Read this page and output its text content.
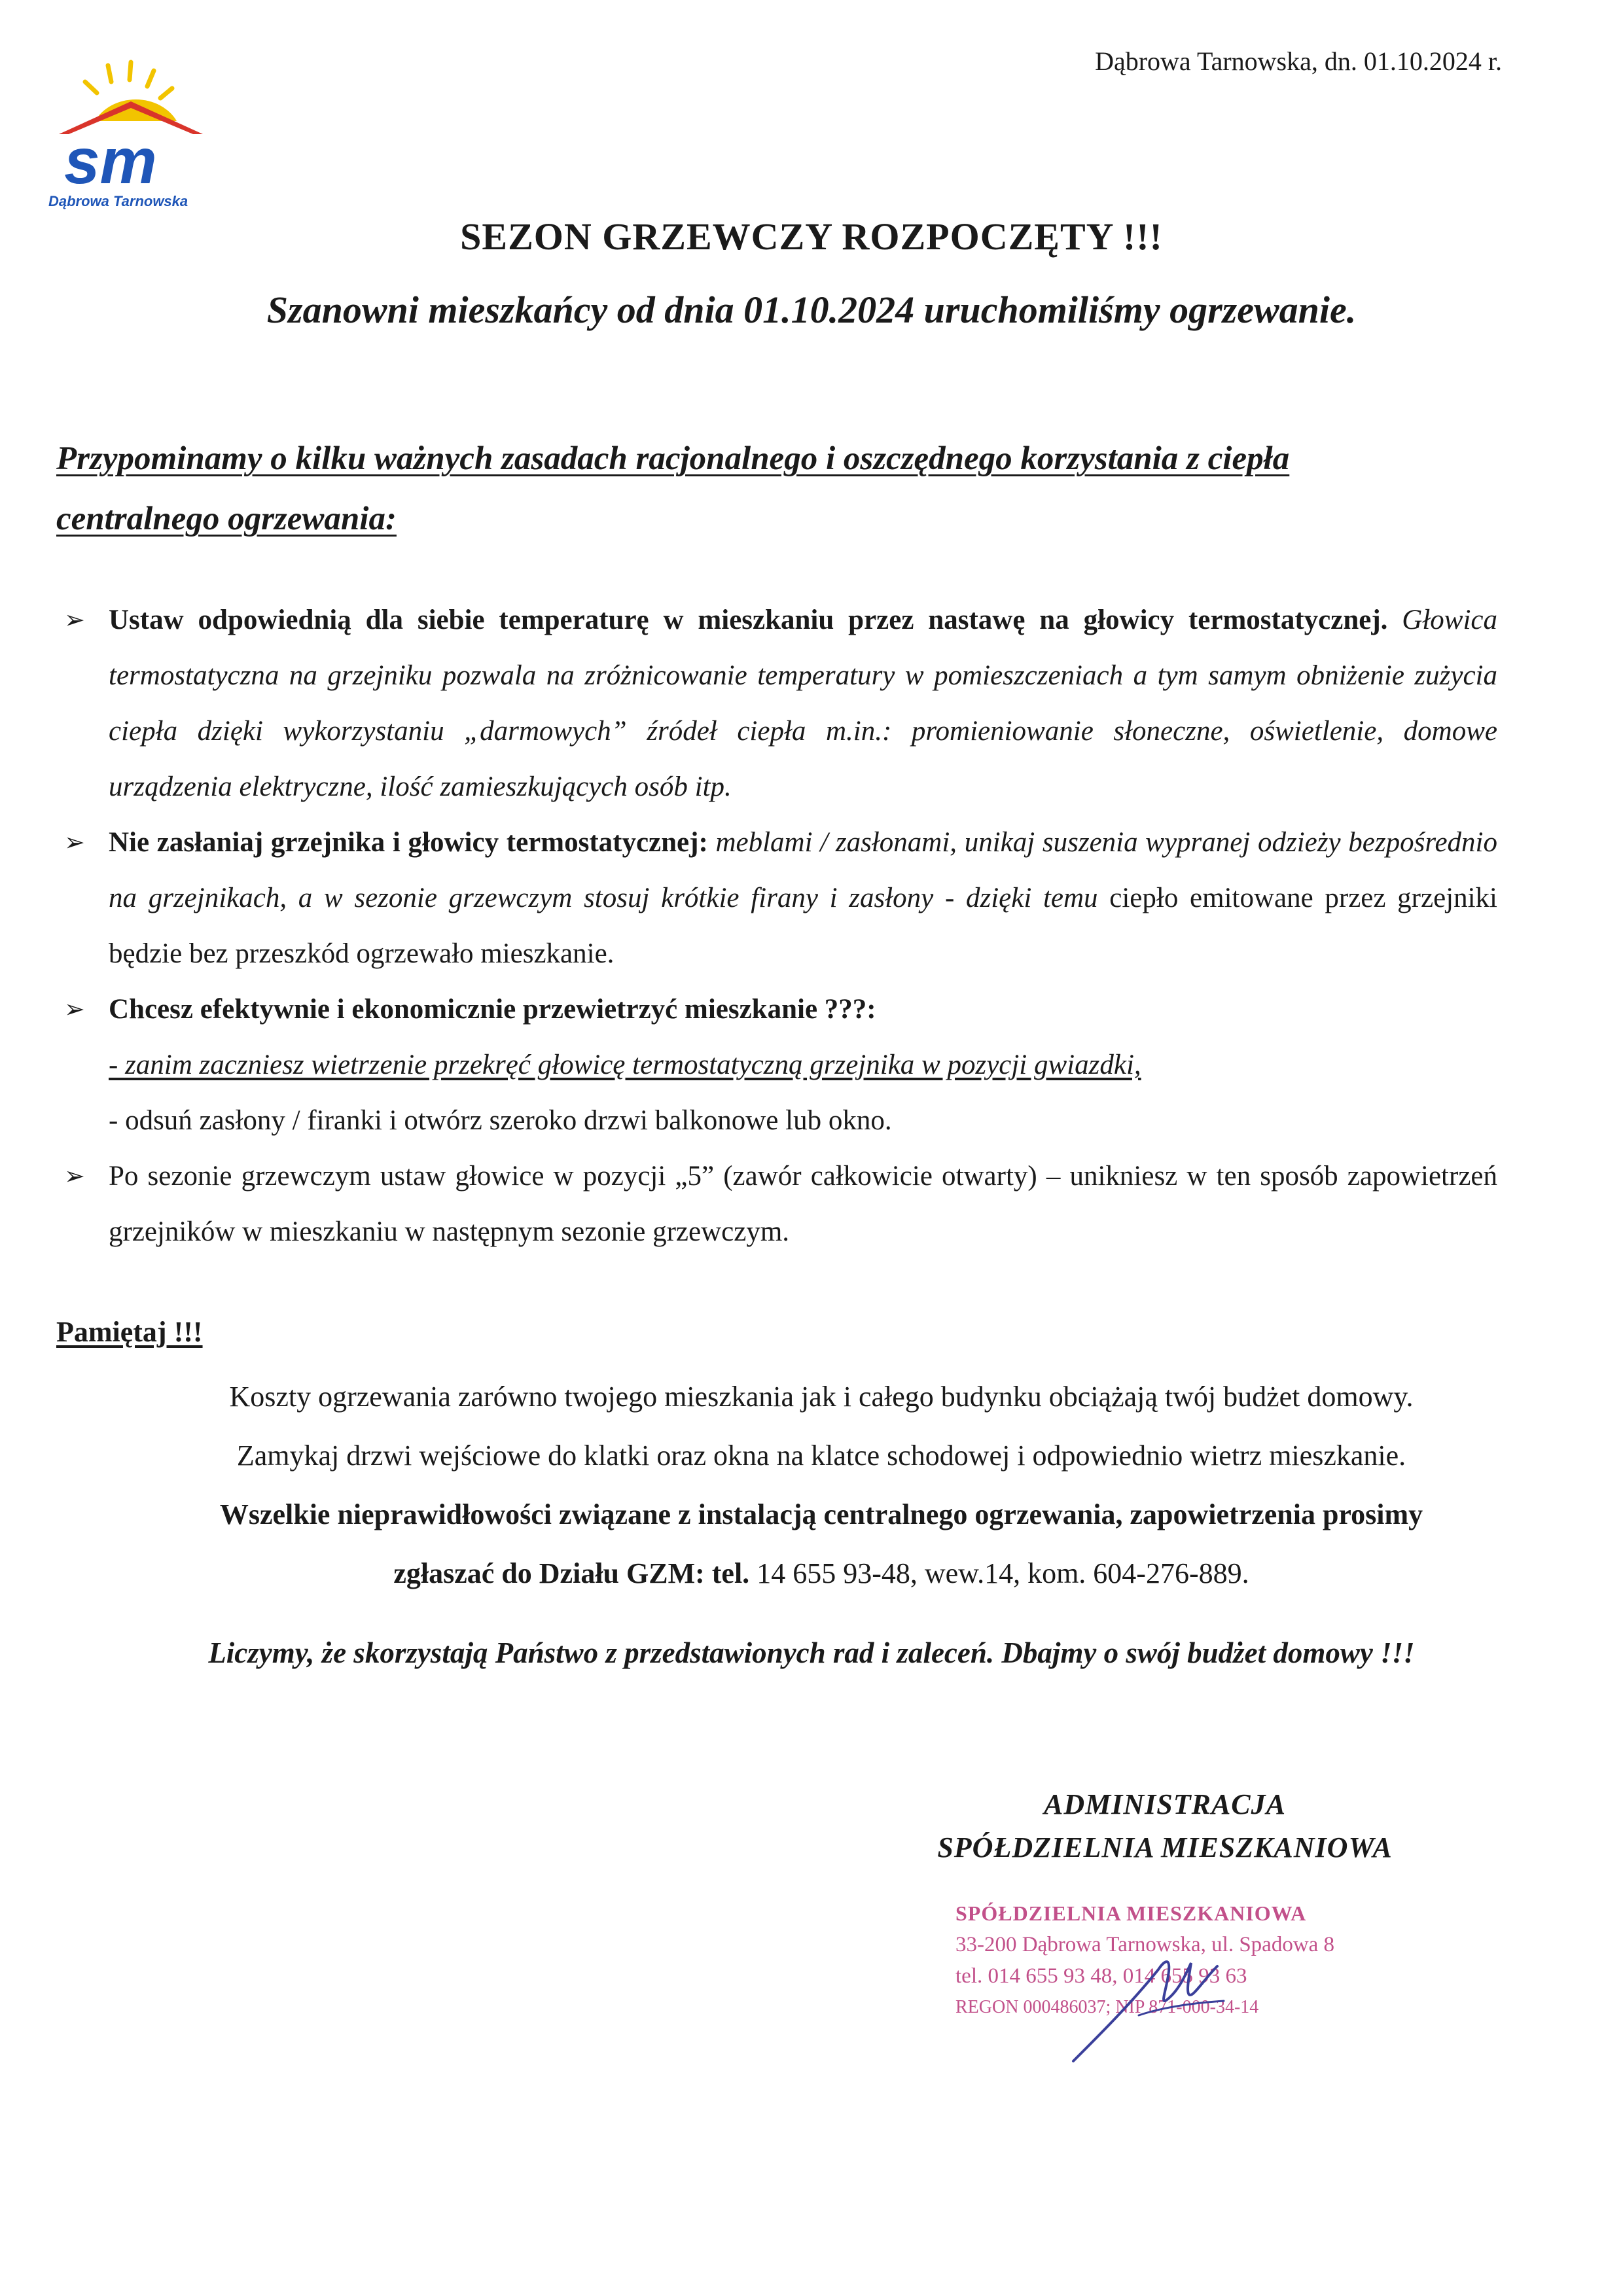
sm
Dąbrowa Tarnowska
Dąbrowa Tarnowska, dn. 01.10.2024 r.
SEZON GRZEWCZY ROZPOCZĘTY !!!
Szanowni mieszkańcy od dnia 01.10.2024 uruchomiliśmy ogrzewanie.
Przypominamy o kilku ważnych zasadach racjonalnego i oszczędnego korzystania z ciepła
centralnego ogrzewania:
➢ Ustaw odpowiednią dla siebie temperaturę w mieszkaniu przez nastawę na głowicy termostatycznej. Głowica termostatyczna na grzejniku pozwala na zróżnicowanie temperatury w pomieszczeniach a tym samym obniżenie zużycia ciepła dzięki wykorzystaniu „darmowych” źródeł ciepła m.in.: promieniowanie słoneczne, oświetlenie, domowe urządzenia elektryczne, ilość zamieszkujących osób itp.
➢ Nie zasłaniaj grzejnika i głowicy termostatycznej: meblami / zasłonami, unikaj suszenia wypranej odzieży bezpośrednio na grzejnikach, a w sezonie grzewczym stosuj krótkie firany i zasłony - dzięki temu ciepło emitowane przez grzejniki będzie bez przeszkód ogrzewało mieszkanie.
➢ Chcesz efektywnie i ekonomicznie przewietrzyć mieszkanie ???:
- zanim zaczniesz wietrzenie przekręć głowicę termostatyczną grzejnika w pozycji gwiazdki,
- odsuń zasłony / firanki i otwórz szeroko drzwi balkonowe lub okno.
➢ Po sezonie grzewczym ustaw głowice w pozycji „5” (zawór całkowicie otwarty) – unikniesz w ten sposób zapowietrzeń grzejników w mieszkaniu w następnym sezonie grzewczym.
Pamiętaj !!!
Koszty ogrzewania zarówno twojego mieszkania jak i całego budynku obciążają twój budżet domowy.
Zamykaj drzwi wejściowe do klatki oraz okna na klatce schodowej i odpowiednio wietrz mieszkanie.
Wszelkie nieprawidłowości związane z instalacją centralnego ogrzewania, zapowietrzenia prosimy
zgłaszać do Działu GZM: tel. 14 655 93-48, wew.14, kom. 604-276-889.
Liczymy, że skorzystają Państwo z przedstawionych rad i zaleceń. Dbajmy o swój budżet domowy !!!
ADMINISTRACJA
SPÓŁDZIELNIA MIESZKANIOWA
SPÓŁDZIELNIA MIESZKANIOWA
33-200 Dąbrowa Tarnowska, ul. Spadowa 8
tel. 014 655 93 48, 014 655 93 63
REGON 000486037; NIP 871-000-34-14
